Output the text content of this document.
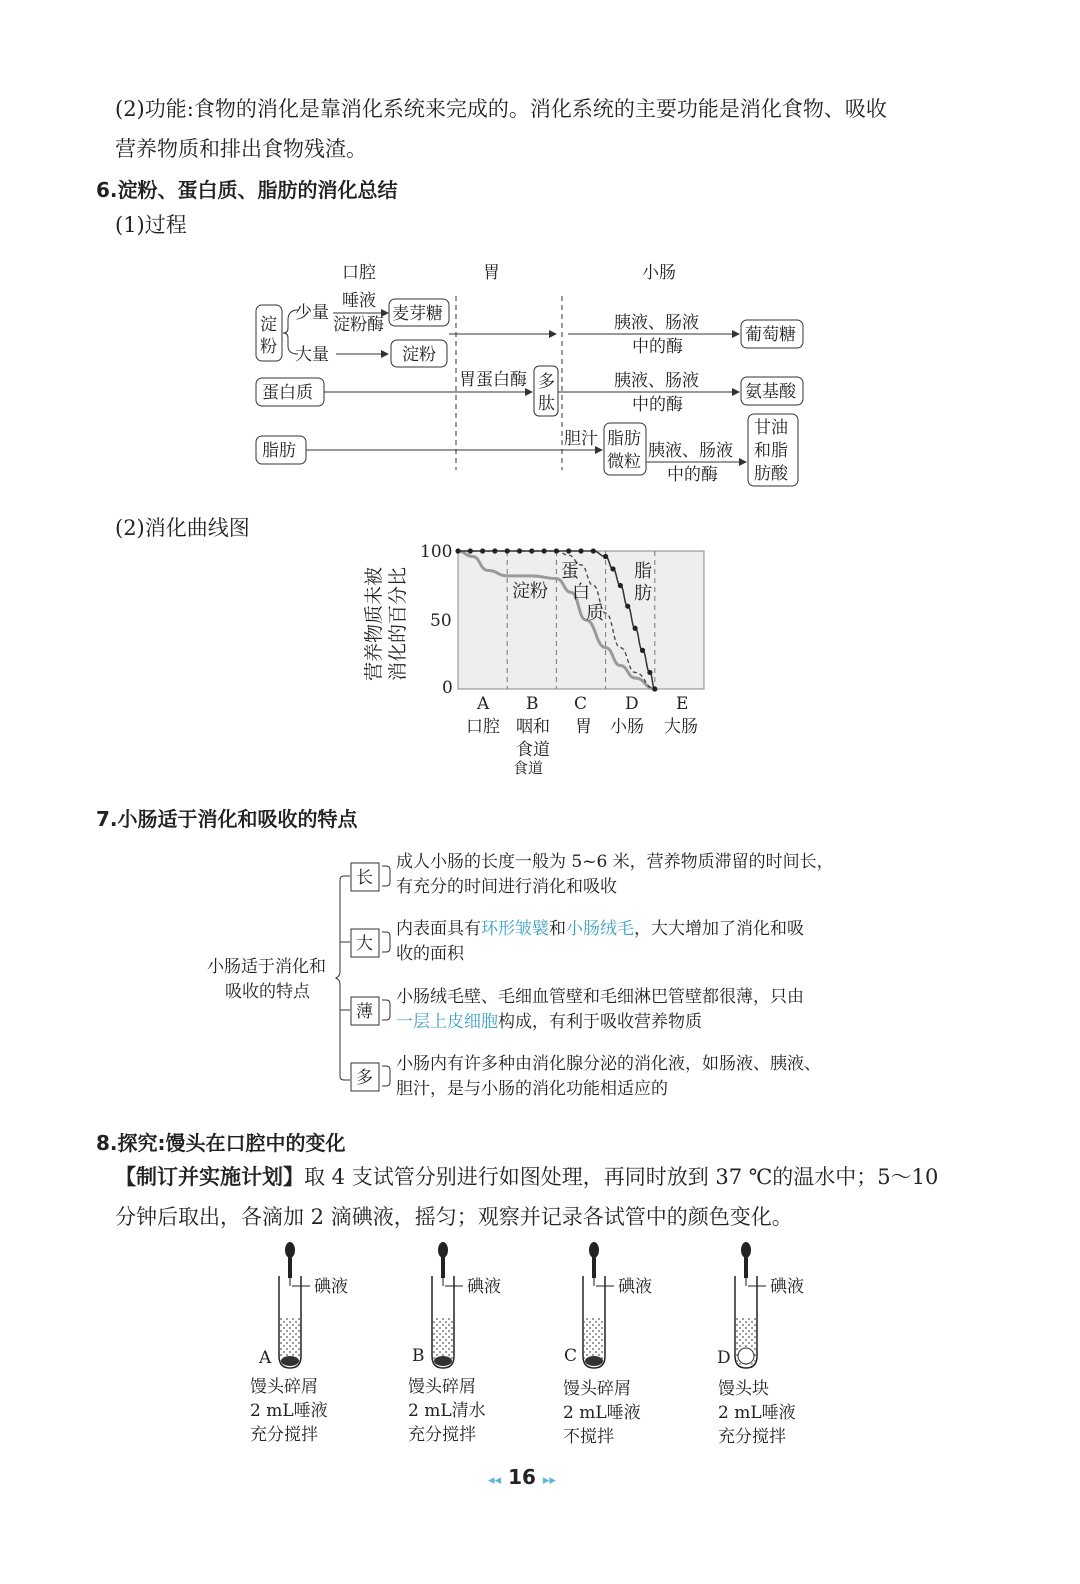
(2)功能:食物的消化是靠消化系统来完成的。消化系统的主要功能是消化食物、吸收
营养物质和排出食物残渣。
6.淀粉、蛋白质、脂肪的消化总结
(1)过程
口腔	胃	小肠
淀
粉
少量
大量
唾液
淀粉酶
麦芽糖
淀粉
胰液、肠液
中的酶
葡萄糖
蛋白质
胃蛋白酶 多
肽
胰液、肠液
中的酶
氨基酸
脂肪
胆汁 脂肪
微粒
胰液、肠液
中的酶
甘油
和脂
肪酸
(2)消化曲线图
营养物质未被 消化的百分比
100
50
0
淀粉
蛋
白
质
脂
肪
A B C D E
口腔 咽和 胃 小肠 大肠
食道
食道
7.小肠适于消化和吸收的特点
小肠适于消化和
吸收的特点
长
大
薄
多
成人小肠的长度一般为 5~6 米，营养物质滞留的时间长，
有充分的时间进行消化和吸收
内表面具有环形皱襞和小肠绒毛，大大增加了消化和吸
收的面积
小肠绒毛壁、毛细血管壁和毛细淋巴管壁都很薄，只由
一层上皮细胞构成，有利于吸收营养物质
小肠内有许多种由消化腺分泌的消化液，如肠液、胰液、
胆汁，是与小肠的消化功能相适应的
8.探究:馒头在口腔中的变化
【制订并实施计划】取 4 支试管分别进行如图处理，再同时放到 37 ℃的温水中；5～10
分钟后取出，各滴加 2 滴碘液，摇匀；观察并记录各试管中的颜色变化。
碘液	碘液	碘液	碘液
A	B	C	D
馒头碎屑
2 mL唾液
充分搅拌
馒头碎屑
2 mL清水
充分搅拌
馒头碎屑
2 mL唾液
不搅拌
馒头块
2 mL唾液
充分搅拌
◂◂ 16 ▸▸
